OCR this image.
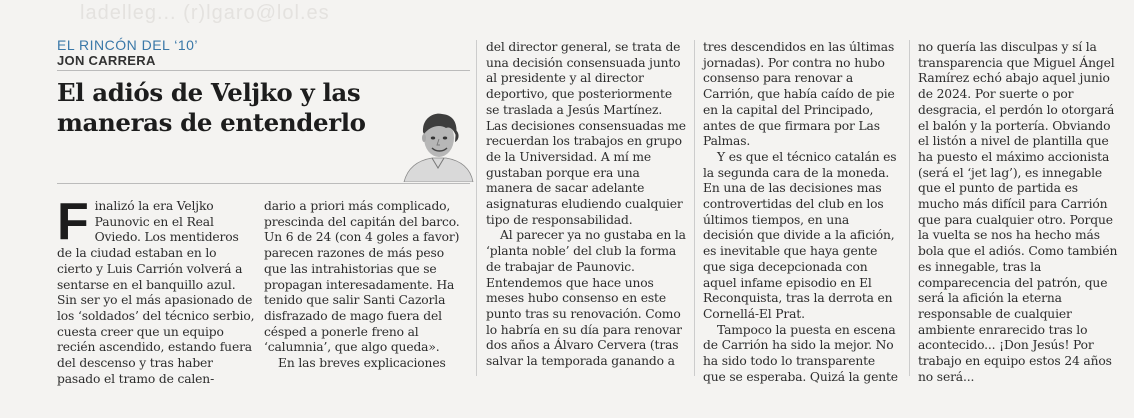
ladelleg... (r)lgaro@lol.es
EL RINCÓN DEL ‘10’
JON CARRERA
El adiós de Veljko y las maneras de entenderlo
F inalizó la era Veljko Paunovic en el Real Oviedo. Los mentideros de la ciudad estaban en lo cierto y Luis Carrión volverá a sentarse en el banquillo azul. Sin ser yo el más apasionado de los ‘soldados’ del técnico serbio, cuesta creer que un equipo recién ascendido, estando fuera del descenso y tras haber pasado el tramo de calen-

dario a priori más complicado, prescinda del capitán del barco. Un 6 de 24 (con 4 goles a favor) parecen razones de más peso que las intrahistorias que se propagan interesadamente. Ha tenido que salir Santi Cazorla disfrazado de mago fuera del césped a ponerle freno al ‘calumnia’, que algo queda».

En las breves explicaciones

del director general, se trata de una decisión consensuada junto al presidente y al director deportivo, que posteriormente se traslada a Jesús Martínez. Las decisiones consensuadas me recuerdan los trabajos en grupo de la Universidad. A mí me gustaban porque era una manera de sacar adelante asignaturas eludiendo cualquier tipo de responsabilidad.

Al parecer ya no gustaba en la ‘planta noble’ del club la forma de trabajar de Paunovic. Entendemos que hace unos meses hubo consenso en este punto tras su renovación. Como lo habría en su día para renovar dos años a Álvaro Cervera (tras salvar la temporada ganando a

tres descendidos en las últimas jornadas). Por contra no hubo consenso para renovar a Carrión, que había caído de pie en la capital del Principado, antes de que firmara por Las Palmas.

Y es que el técnico catalán es la segunda cara de la moneda. En una de las decisiones mas controvertidas del club en los últimos tiempos, en una decisión que divide a la afición, es inevitable que haya gente que siga decepcionada con aquel infame episodio en El Reconquista, tras la derrota en Cornellá-El Prat.

Tampoco la puesta en escena de Carrión ha sido la mejor. No ha sido todo lo transparente que se esperaba. Quizá la gente

no quería las disculpas y sí la transparencia que Miguel Ángel Ramírez echó abajo aquel junio de 2024. Por suerte o por desgracia, el perdón lo otorgará el balón y la portería. Obviando el listón a nivel de plantilla que ha puesto el máximo accionista (será el ‘jet lag’), es innegable que el punto de partida es mucho más difícil para Carrión que para cualquier otro. Porque la vuelta se nos ha hecho más bola que el adiós. Como también es innegable, tras la comparecencia del patrón, que será la afición la eterna responsable de cualquier ambiente enrarecido tras lo acontecido... ¡Don Jesús! Por trabajo en equipo estos 24 años no será...
